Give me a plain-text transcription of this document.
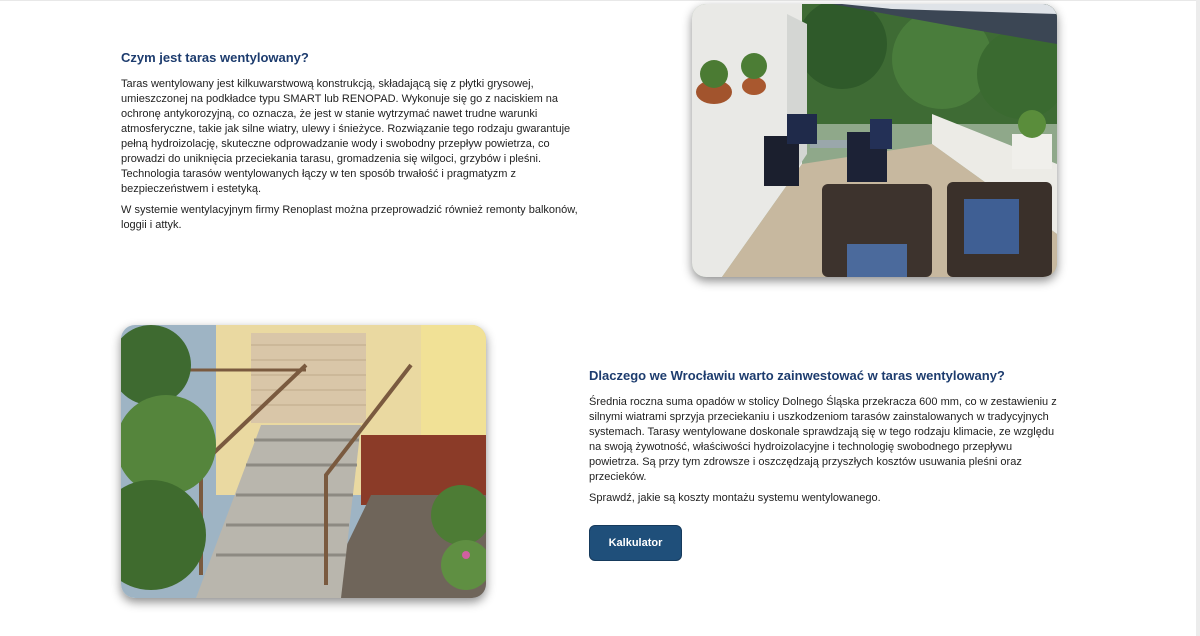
Czym jest taras wentylowany?

Taras wentylowany jest kilkuwarstwową konstrukcją, składającą się z płytki grysowej, umieszczonej na podkładce typu SMART lub RENOPAD. Wykonuje się go z naciskiem na ochronę antykorozyjną, co oznacza, że jest w stanie wytrzymać nawet trudne warunki atmosferyczne, takie jak silne wiatry, ulewy i śnieżyce. Rozwiązanie tego rodzaju gwarantuje pełną hydroizolację, skuteczne odprowadzanie wody i swobodny przepływ powietrza, co prowadzi do uniknięcia przeciekania tarasu, gromadzenia się wilgoci, grzybów i pleśni. Technologia tarasów wentylowanych łączy w ten sposób trwałość i pragmatyzm z bezpieczeństwem i estetyką.

W systemie wentylacyjnym firmy Renoplast można przeprowadzić również remonty balkonów, loggii i attyk.

Dlaczego we Wrocławiu warto zainwestować w taras wentylowany?

Średnia roczna suma opadów w stolicy Dolnego Śląska przekracza 600 mm, co w zestawieniu z silnymi wiatrami sprzyja przeciekaniu i uszkodzeniom tarasów zainstalowanych w tradycyjnych systemach. Tarasy wentylowane doskonale sprawdzają się w tego rodzaju klimacie, ze względu na swoją żywotność, właściwości hydroizolacyjne i technologię swobodnego przepływu powietrza. Są przy tym zdrowsze i oszczędzają przyszłych kosztów usuwania pleśni oraz przecieków.

Sprawdź, jakie są koszty montażu systemu wentylowanego.

Kalkulator
